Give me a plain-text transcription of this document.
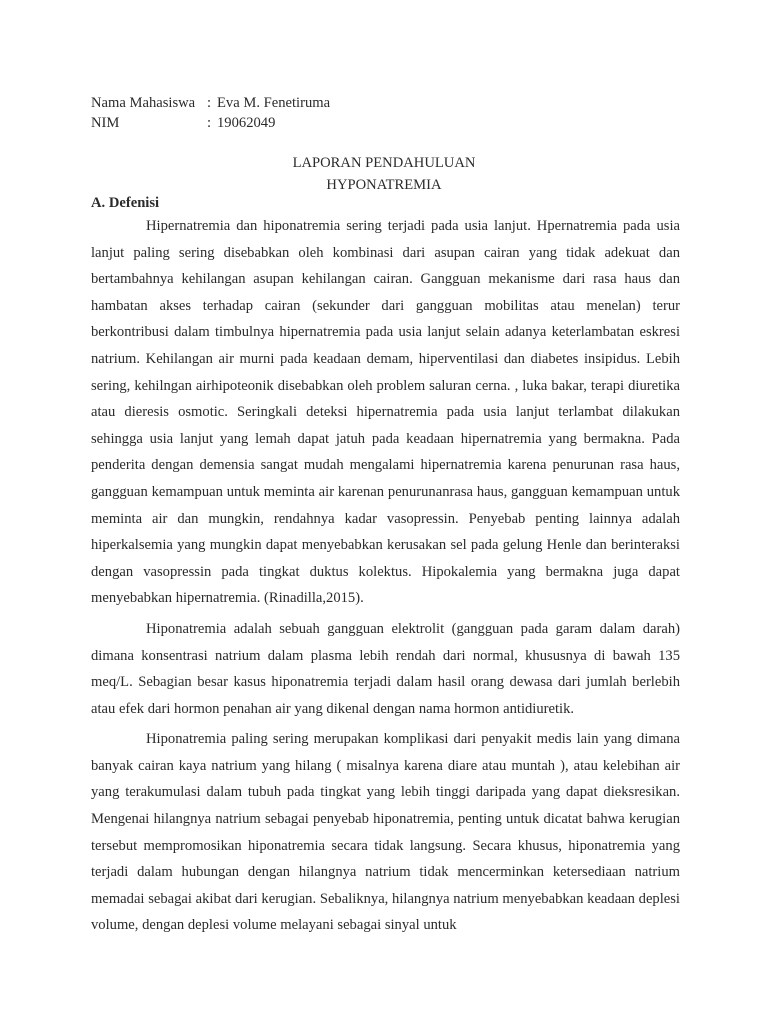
Nama Mahasiswa : Eva M. Fenetiruma
NIM	: 19062049
LAPORAN PENDAHULUAN
HYPONATREMIA
A. Defenisi

Hipernatremia dan hiponatremia sering terjadi pada usia lanjut. Hpernatremia pada usia lanjut paling sering disebabkan oleh kombinasi dari asupan cairan yang tidak adekuat dan bertambahnya kehilangan asupan kehilangan cairan. Gangguan mekanisme dari rasa haus dan hambatan akses terhadap cairan (sekunder dari gangguan mobilitas atau menelan) terur berkontribusi dalam timbulnya hipernatremia pada usia lanjut selain adanya keterlambatan eskresi natrium. Kehilangan air murni pada keadaan demam, hiperventilasi dan diabetes insipidus. Lebih sering, kehilngan airhipoteonik disebabkan oleh problem saluran cerna. , luka bakar, terapi diuretika atau dieresis osmotic. Seringkali deteksi hipernatremia pada usia lanjut terlambat dilakukan sehingga usia lanjut yang lemah dapat jatuh pada keadaan hipernatremia yang bermakna. Pada penderita dengan demensia sangat mudah mengalami hipernatremia karena penurunan rasa haus, gangguan kemampuan untuk meminta air karenan penurunanrasa haus, gangguan kemampuan untuk meminta air dan mungkin, rendahnya kadar vasopressin. Penyebab penting lainnya adalah hiperkalsemia yang mungkin dapat menyebabkan kerusakan sel pada gelung Henle dan berinteraksi dengan vasopressin pada tingkat duktus kolektus. Hipokalemia yang bermakna juga dapat menyebabkan hipernatremia. (Rinadilla,2015).

Hiponatremia adalah sebuah gangguan elektrolit (gangguan pada garam dalam darah) dimana konsentrasi natrium dalam plasma lebih rendah dari normal, khususnya di bawah 135 meq/L. Sebagian besar kasus hiponatremia terjadi dalam hasil orang dewasa dari jumlah berlebih atau efek dari hormon penahan air yang dikenal dengan nama hormon antidiuretik.

Hiponatremia paling sering merupakan komplikasi dari penyakit medis lain yang dimana banyak cairan kaya natrium yang hilang ( misalnya karena diare atau muntah ), atau kelebihan air yang terakumulasi dalam tubuh pada tingkat yang lebih tinggi daripada yang dapat dieksresikan. Mengenai hilangnya natrium sebagai penyebab hiponatremia, penting untuk dicatat bahwa kerugian tersebut mempromosikan hiponatremia secara tidak langsung. Secara khusus, hiponatremia yang terjadi dalam hubungan dengan hilangnya natrium tidak mencerminkan ketersediaan natrium memadai sebagai akibat dari kerugian. Sebaliknya, hilangnya natrium menyebabkan keadaan deplesi volume, dengan deplesi volume melayani sebagai sinyal untuk
